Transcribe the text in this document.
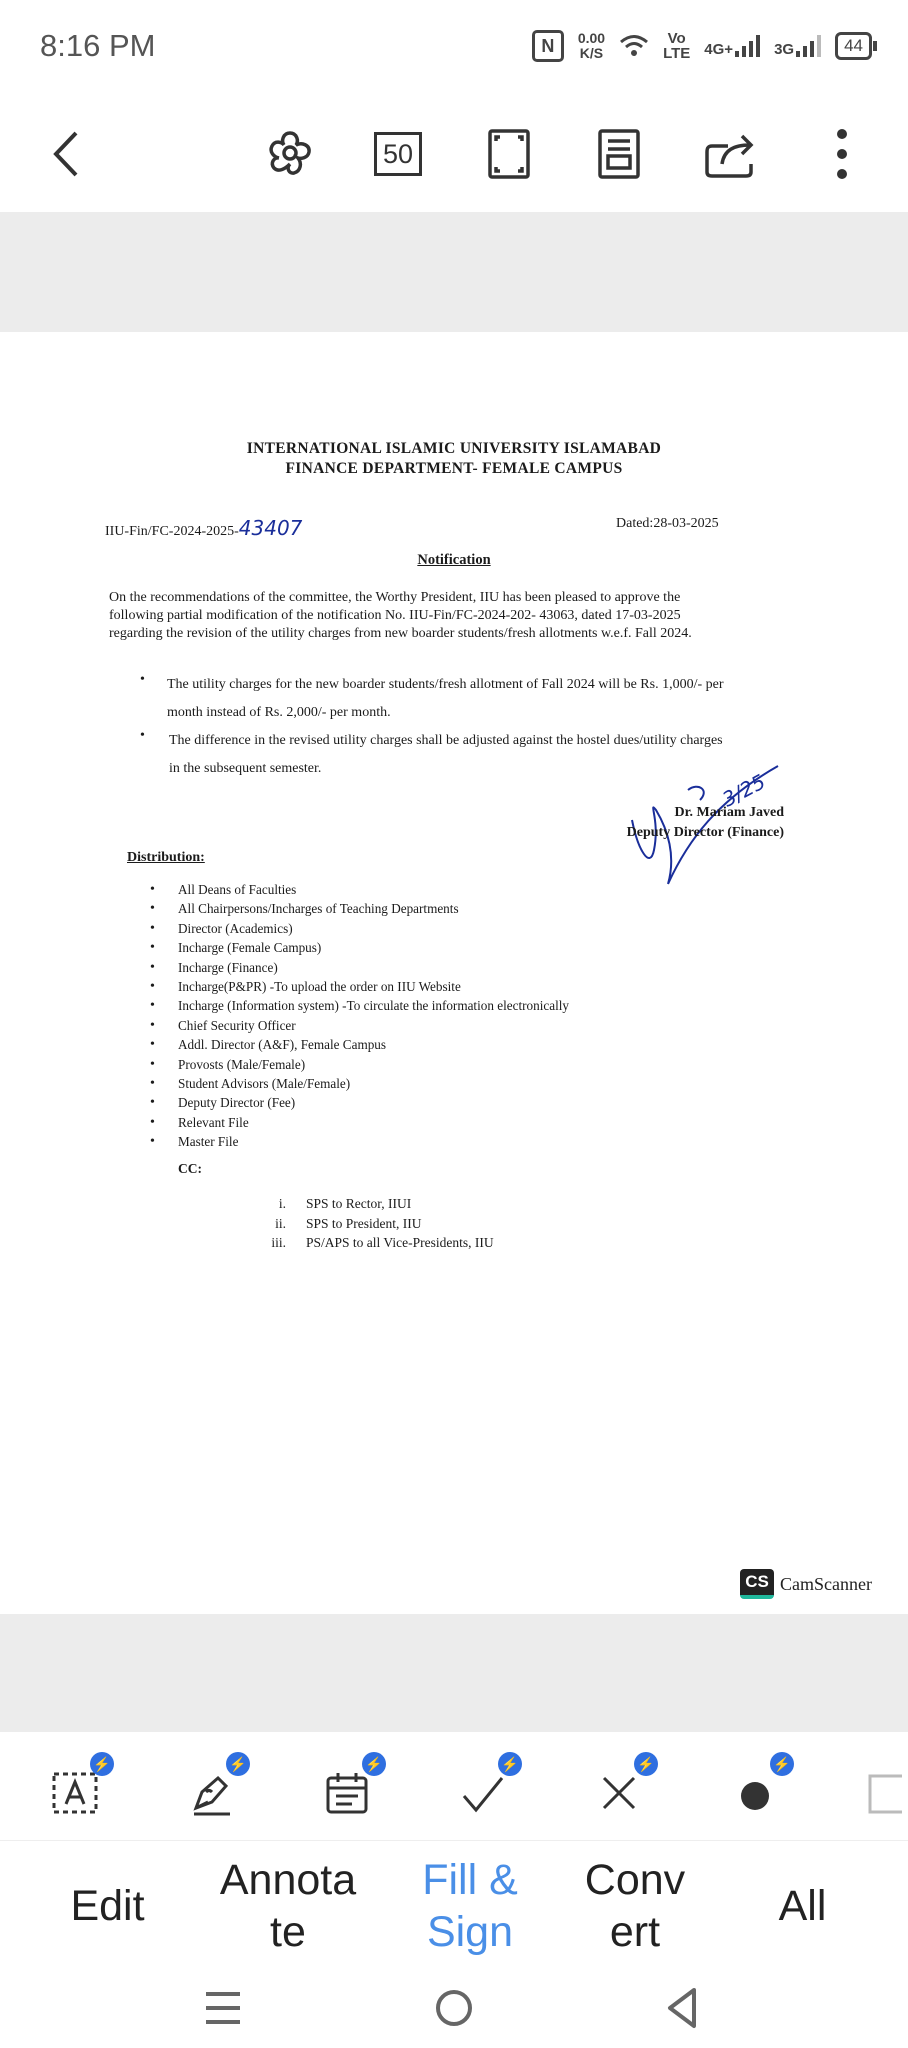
8:16 PM	N	0.00
K/S
Vo
LTE 4G+	3G	44
50
INTERNATIONAL ISLAMIC UNIVERSITY ISLAMABAD
FINANCE DEPARTMENT- FEMALE CAMPUS
IIU-Fin/FC-2024-2025-43407	Dated:28-03-2025
Notification
On the recommendations of the committee, the Worthy President, IIU has been pleased to approve the
following partial modification of the notification No. IIU-Fin/FC-2024-202- 43063, dated 17-03-2025
regarding the revision of the utility charges from new boarder students/fresh allotments w.e.f. Fall 2024.
• The utility charges for the new boarder students/fresh allotment of Fall 2024 will be Rs. 1,000/- per
month instead of Rs. 2,000/- per month.
• The difference in the revised utility charges shall be adjusted against the hostel dues/utility charges
in the subsequent semester.
3/25
Dr. Mariam Javed
Deputy Director (Finance)
Distribution:
• All Deans of Faculties
• All Chairpersons/Incharges of Teaching Departments
• Director (Academics)
• Incharge (Female Campus)
• Incharge (Finance)
• Incharge(P&PR) -To upload the order on IIU Website
• Incharge (Information system) -To circulate the information electronically
• Chief Security Officer
• Addl. Director (A&F), Female Campus
• Provosts (Male/Female)
• Student Advisors (Male/Female)
• Deputy Director (Fee)
• Relevant File
• Master File
CC:
i.	SPS to Rector, IIUI
ii.	SPS to President, IIU
iii.	PS/APS to all Vice-Presidents, IIU
CS CamScanner
⚡	⚡	⚡	⚡	⚡	⚡
Edit
Annota
te
Fill &
Sign
Conv
ert
All
